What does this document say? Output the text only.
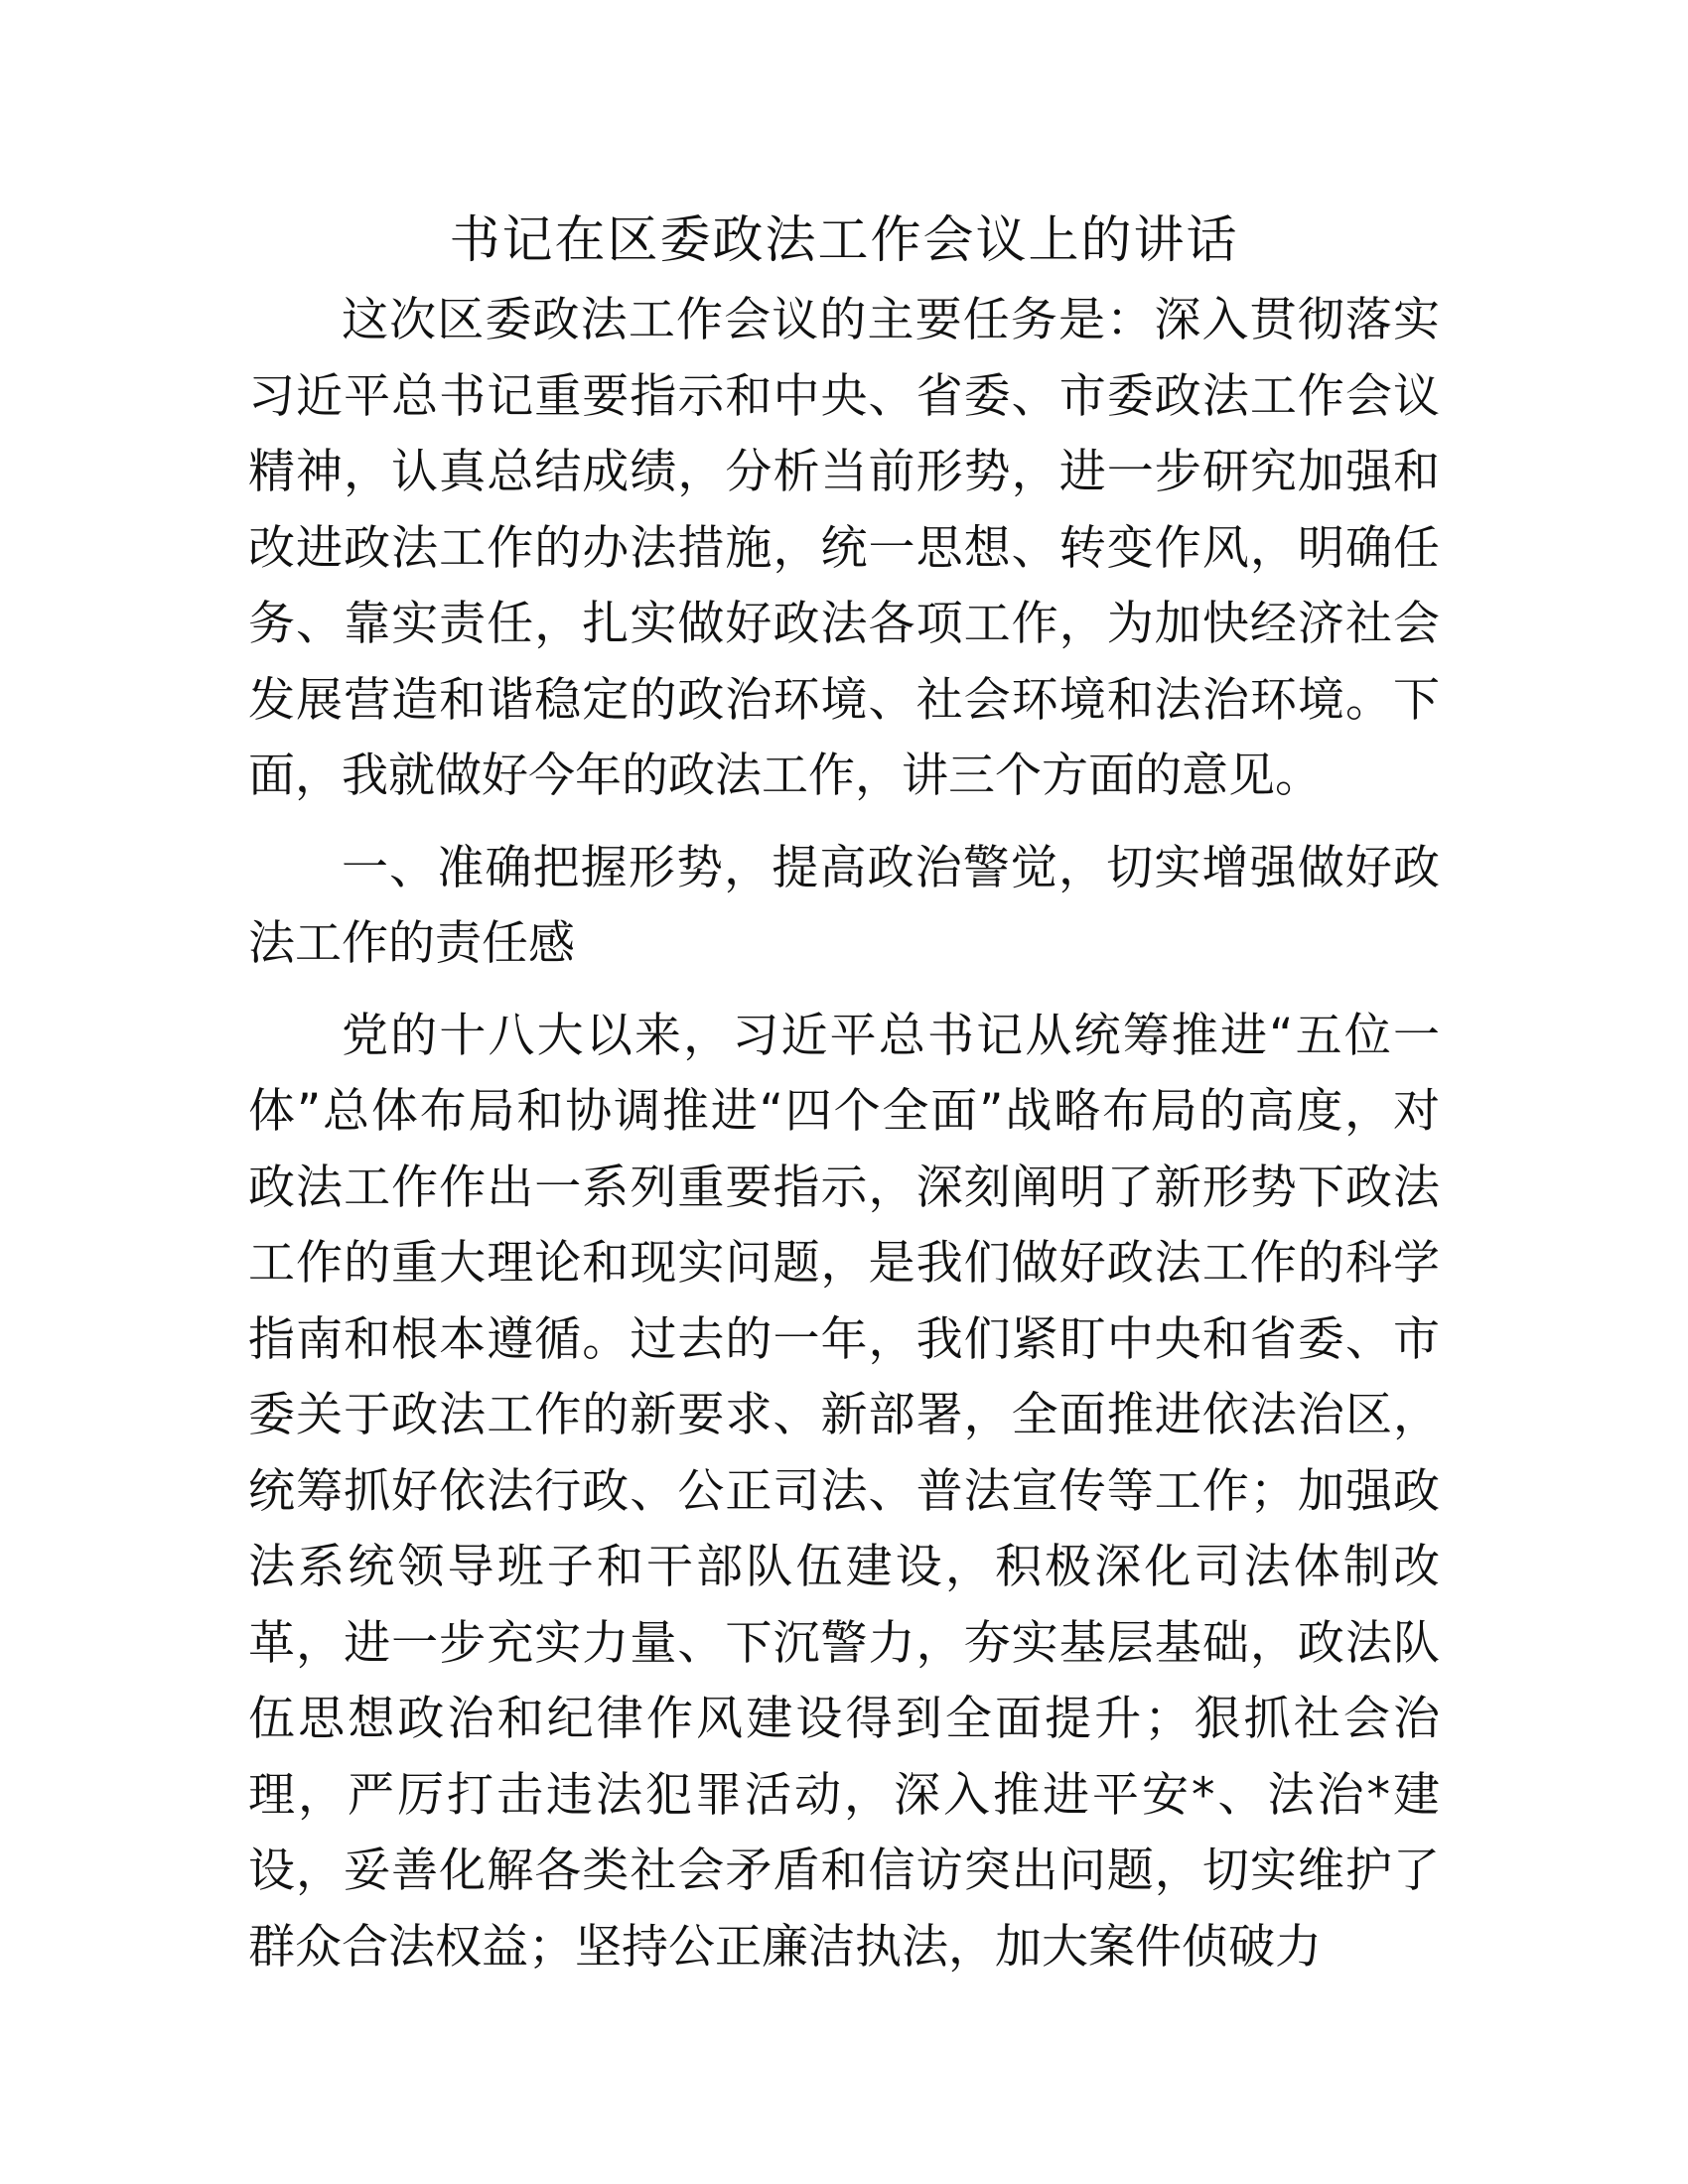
书记在区委政法工作会议上的讲话

这次区委政法工作会议的主要任务是：深入贯彻落实习近平总书记重要指示和中央、省委、市委政法工作会议精神，认真总结成绩，分析当前形势，进一步研究加强和改进政法工作的办法措施，统一思想、转变作风，明确任务、靠实责任，扎实做好政法各项工作，为加快经济社会发展营造和谐稳定的政治环境、社会环境和法治环境。下面，我就做好今年的政法工作，讲三个方面的意见。

一、准确把握形势，提高政治警觉，切实增强做好政法工作的责任感

党的十八大以来，习近平总书记从统筹推进“五位一体”总体布局和协调推进“四个全面”战略布局的高度，对政法工作作出一系列重要指示，深刻阐明了新形势下政法工作的重大理论和现实问题，是我们做好政法工作的科学指南和根本遵循。过去的一年，我们紧盯中央和省委、市委关于政法工作的新要求、新部署，全面推进依法治区，统筹抓好依法行政、公正司法、普法宣传等工作；加强政法系统领导班子和干部队伍建设，积极深化司法体制改革，进一步充实力量、下沉警力，夯实基层基础，政法队伍思想政治和纪律作风建设得到全面提升；狠抓社会治理，严厉打击违法犯罪活动，深入推进平安*、法治*建设，妥善化解各类社会矛盾和信访突出问题，切实维护了群众合法权益；坚持公正廉洁执法，加大案件侦破力
